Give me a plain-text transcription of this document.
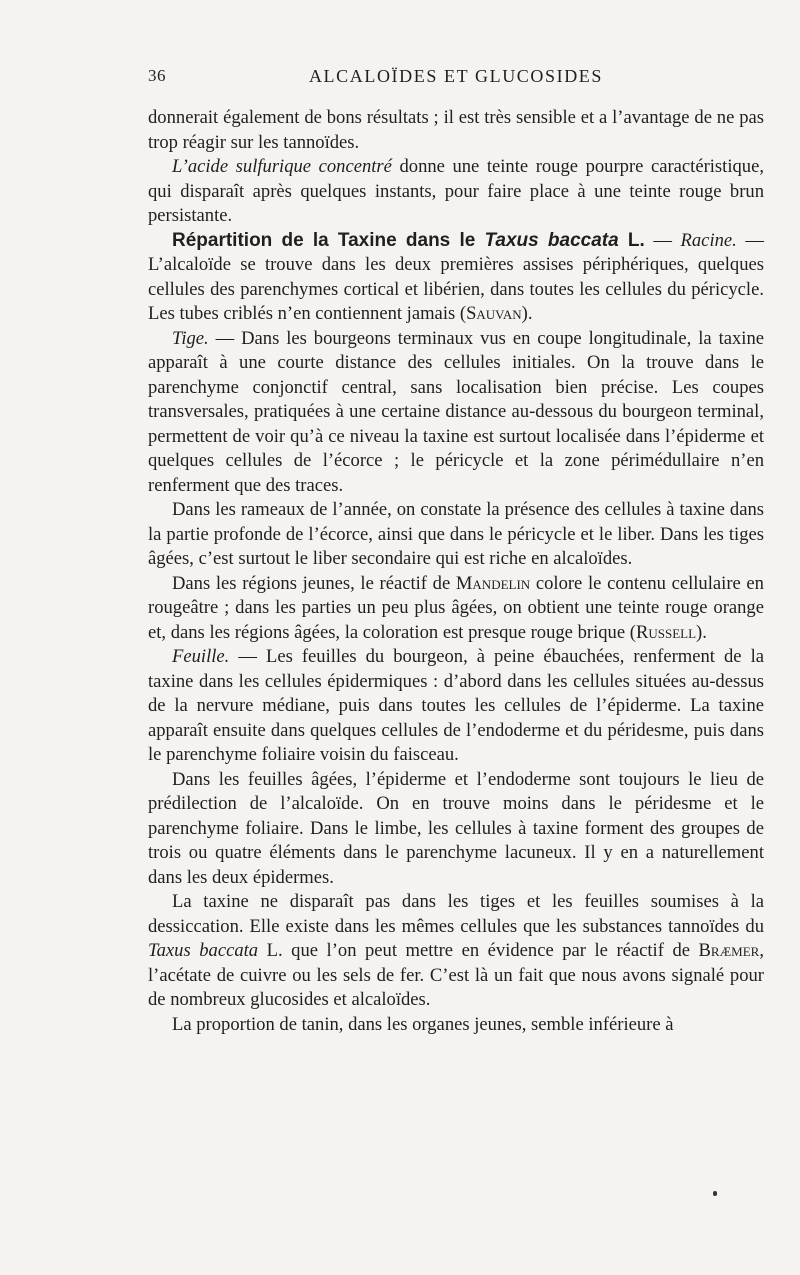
36	ALCALOÏDES ET GLUCOSIDES

donnerait également de bons résultats ; il est très sensible et a l’avantage de ne pas trop réagir sur les tannoïdes.

L’acide sulfurique concentré donne une teinte rouge pourpre caractéristique, qui disparaît après quelques instants, pour faire place à une teinte rouge brun persistante.

Répartition de la Taxine dans le Taxus baccata L. — Racine. — L’alcaloïde se trouve dans les deux premières assises périphériques, quelques cellules des parenchymes cortical et libérien, dans toutes les cellules du péricycle. Les tubes criblés n’en contiennent jamais (Sauvan).

Tige. — Dans les bourgeons terminaux vus en coupe longitudinale, la taxine apparaît à une courte distance des cellules initiales. On la trouve dans le parenchyme conjonctif central, sans localisation bien précise. Les coupes transversales, pratiquées à une certaine distance au-dessous du bourgeon terminal, permettent de voir qu’à ce niveau la taxine est surtout localisée dans l’épiderme et quelques cellules de l’écorce ; le péricycle et la zone périmédullaire n’en renferment que des traces.

Dans les rameaux de l’année, on constate la présence des cellules à taxine dans la partie profonde de l’écorce, ainsi que dans le péricycle et le liber. Dans les tiges âgées, c’est surtout le liber secondaire qui est riche en alcaloïdes.

Dans les régions jeunes, le réactif de Mandelin colore le contenu cellulaire en rougeâtre ; dans les parties un peu plus âgées, on obtient une teinte rouge orange et, dans les régions âgées, la coloration est presque rouge brique (Russell).

Feuille. — Les feuilles du bourgeon, à peine ébauchées, renferment de la taxine dans les cellules épidermiques : d’abord dans les cellules situées au-dessus de la nervure médiane, puis dans toutes les cellules de l’épiderme. La taxine apparaît ensuite dans quelques cellules de l’endoderme et du péridesme, puis dans le parenchyme foliaire voisin du faisceau.

Dans les feuilles âgées, l’épiderme et l’endoderme sont toujours le lieu de prédilection de l’alcaloïde. On en trouve moins dans le péridesme et le parenchyme foliaire. Dans le limbe, les cellules à taxine forment des groupes de trois ou quatre éléments dans le parenchyme lacuneux. Il y en a naturellement dans les deux épidermes.

La taxine ne disparaît pas dans les tiges et les feuilles soumises à la dessiccation. Elle existe dans les mêmes cellules que les substances tannoïdes du Taxus baccata L. que l’on peut mettre en évidence par le réactif de Bræmer, l’acétate de cuivre ou les sels de fer. C’est là un fait que nous avons signalé pour de nombreux glucosides et alcaloïdes.

La proportion de tanin, dans les organes jeunes, semble inférieure à
